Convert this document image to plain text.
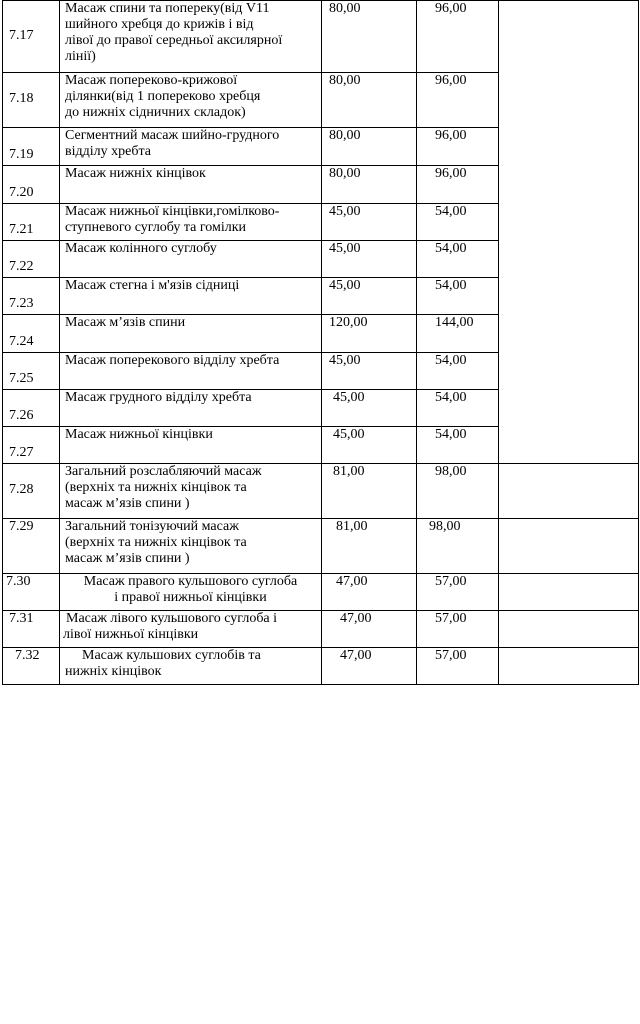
7.17	Масаж спини та попереку(від V11
шийного хребця до крижів і від
лівої до правої середньої аксилярної
лінії)	80,00	96,00	
7.18	Масаж попереково-крижової
ділянки(від 1 попереково хребця
до нижніх сідничних складок)	80,00	96,00	
7.19	Сегментний масаж шийно-грудного
відділу хребта	80,00	96,00	
7.20	Масаж нижніх кінцівок	80,00	96,00	
7.21	Масаж нижньої кінцівки,гомілково-
ступневого суглобу та гомілки	45,00	54,00	
7.22	Масаж колінного суглобу	45,00	54,00	
7.23	Масаж стегна і м'язів сідниці	45,00	54,00	
7.24	Масаж м’язів спини	120,00	144,00	
7.25	Масаж поперекового відділу хребта	45,00	54,00	
7.26	Масаж грудного відділу хребта	45,00	54,00	
7.27	Масаж нижньої кінцівки	45,00	54,00	
7.28	Загальний розслабляючий масаж
(верхніх та нижніх кінцівок та
масаж м’язів спини )	81,00	98,00	
7.29	Загальний тонізуючий масаж
(верхніх та нижніх кінцівок та
масаж м’язів спини )	81,00	98,00	
7.30	Масаж правого кульшового суглоба
і правої нижньої кінцівки	47,00	57,00	
7.31	Масаж лівого кульшового суглоба і
лівої нижньої кінцівки	47,00	57,00	
7.32	Масаж кульшових суглобів та
нижніх кінцівок	47,00	57,00	
